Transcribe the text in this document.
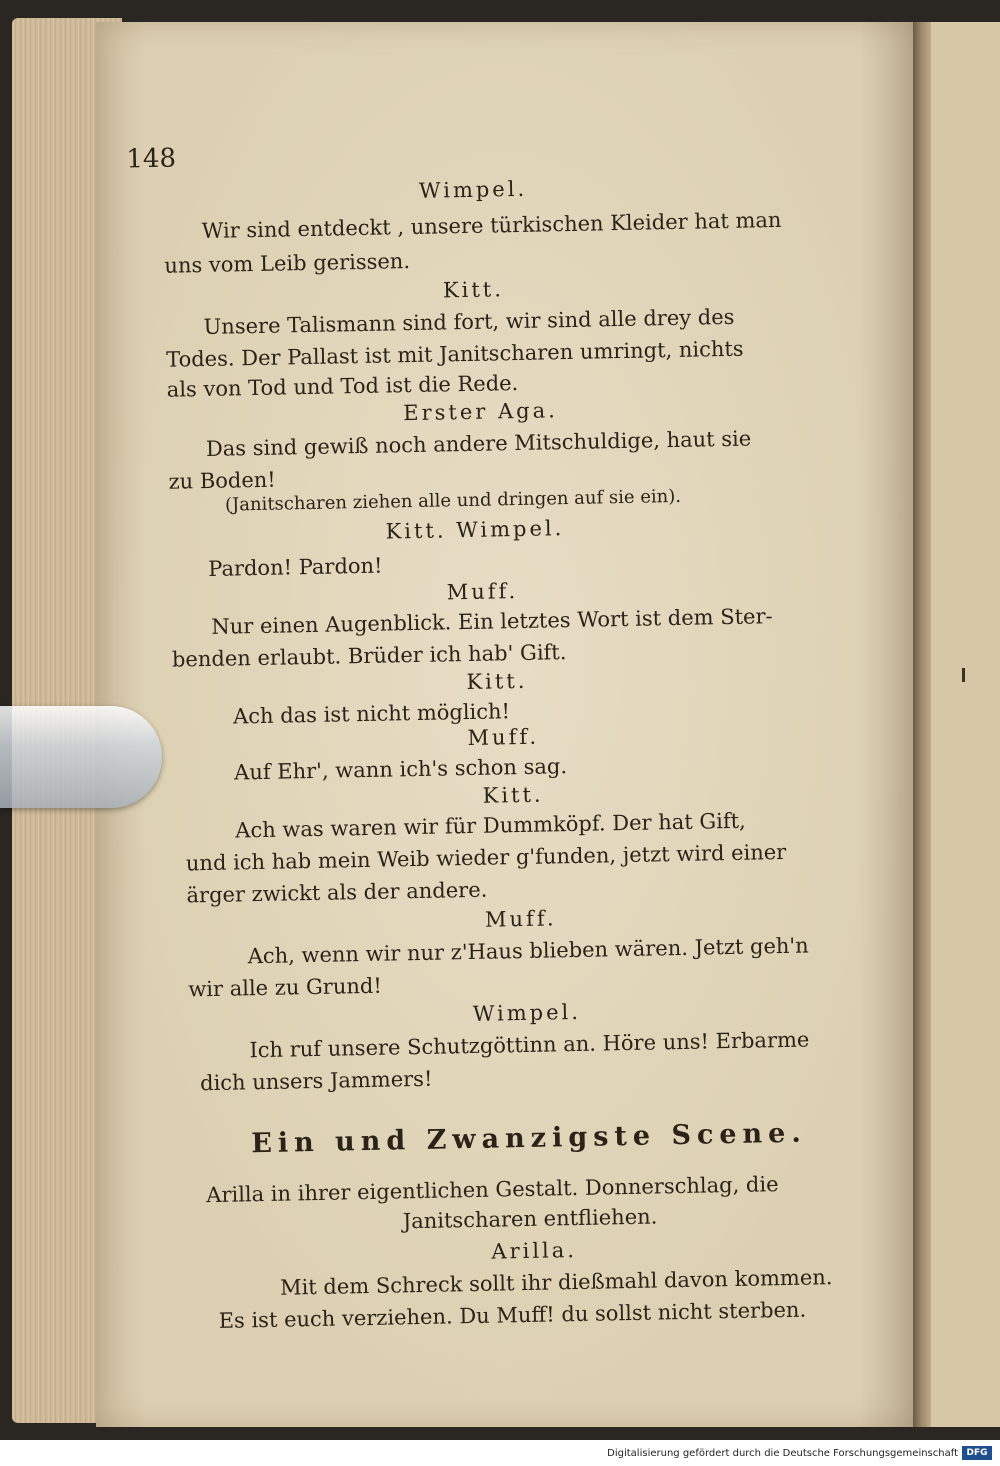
148
Wimpel.
Wir sind entdeckt , unsere türkischen Kleider hat man
uns vom Leib gerissen.
Kitt.
Unsere Talismann sind fort, wir sind alle drey des
Todes. Der Pallast ist mit Janitscharen umringt, nichts
als von Tod und Tod ist die Rede.
Erster Aga.
Das sind gewiß noch andere Mitschuldige, haut sie
zu Boden!
(Janitscharen ziehen alle und dringen auf sie ein).
Kitt. Wimpel.
Pardon! Pardon!
Muff.
Nur einen Augenblick. Ein letztes Wort ist dem Ster-
benden erlaubt. Brüder ich hab' Gift.
Kitt.
Ach das ist nicht möglich!
Muff.
Auf Ehr', wann ich's schon sag.
Kitt.
Ach was waren wir für Dummköpf. Der hat Gift,
und ich hab mein Weib wieder g'funden, jetzt wird einer
ärger zwickt als der andere.
Muff.
Ach, wenn wir nur z'Haus blieben wären. Jetzt geh'n
wir alle zu Grund!
Wimpel.
Ich ruf unsere Schutzgöttinn an. Höre uns! Erbarme
dich unsers Jammers!
Ein und Zwanzigste Scene.
Arilla in ihrer eigentlichen Gestalt. Donnerschlag, die
Janitscharen entfliehen.
Arilla.
Mit dem Schreck sollt ihr dießmahl davon kommen.
Es ist euch verziehen. Du Muff! du sollst nicht sterben.
Digitalisierung gefördert durch die Deutsche Forschungsgemeinschaft DFG
